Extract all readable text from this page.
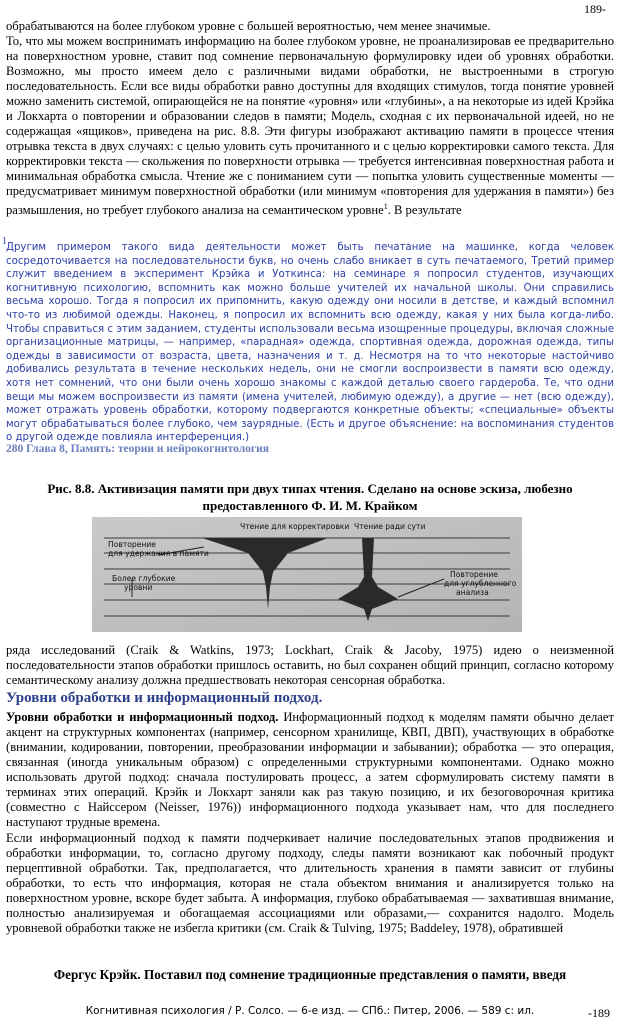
189-

обрабатываются на более глубоком уровне с большей вероятностью, чем менее значимые.

То, что мы можем воспринимать информацию на более глубоком уровне, не проанализировав ее предварительно на поверхностном уровне, ставит под сомнение первоначальную формулировку идеи об уровнях обработки. Возможно, мы просто имеем дело с различными видами обработки, не выстроенными в строгую последовательность. Если все виды обработки равно доступны для входящих стимулов, тогда понятие уровней можно заменить системой, опирающейся не на понятие «уровня» или «глубины», а на некоторые из идей Крэйка и Локхарта о повторении и образовании следов в памяти; Модель, сходная с их первоначальной идеей, но не содержащая «ящиков», приведена на рис. 8.8. Эти фигуры изображают активацию памяти в процессе чтения отрывка текста в двух случаях: с целью уловить суть прочитанного и с целью корректировки самого текста. Для корректировки текста — скольжения по поверхности отрывка — требуется интенсивная поверхностная работа и минимальная обработка смысла. Чтение же с пониманием сути — попытка уловить существенные моменты — предусматривает минимум поверхностной обработки (или минимум «повторения для удержания в памяти») без размышления, но требует глубокого анализа на семантическом уровне$^1$. В результате

1

Другим примером такого вида деятельности может быть печатание на машинке, когда человек сосредоточивается на последовательности букв, но очень слабо вникает в суть печатаемого, Третий пример служит введением в эксперимент Крэйка и Уоткинса: на семинаре я попросил студентов, изучающих когнитивную психологию, вспомнить как можно больше учителей их начальной школы. Они справились весьма хорошо. Тогда я попросил их припомнить, какую одежду они носили в детстве, и каждый вспомнил что-то из любимой одежды. Наконец, я попросил их вспомнить всю одежду, какая у них была когда-либо. Чтобы справиться с этим заданием, студенты использовали весьма изощренные процедуры, включая сложные организационные матрицы, — например, «парадная» одежда, спортивная одежда, дорожная одежда, типы одежды в зависимости от возраста, цвета, назначения и т. д. Несмотря на то что некоторые настойчиво добивались результата в течение нескольких недель, они не смогли воспроизвести в памяти всю одежду, хотя нет сомнений, что они были очень хорошо знакомы с каждой деталью своего гардероба. Те, что одни вещи мы можем воспроизвести из памяти (имена учителей, любимую одежду), а другие — нет (всю одежду), может отражать уровень обработки, которому подвергаются конкретные объекты; «специальные» объекты могут обрабатываться более глубоко, чем заурядные. (Есть и другое объяснение: на воспоминания студентов о другой одежде повлияла интерференция.)

280 Глава 8, Память: теории и нейрокогнитология
Рис. 8.8. Активизация памяти при двух типах чтения. Сделано на основе эскиза, любезно предоставленного Ф. И. М. Крайком
Чтение для корректировки Чтение ради сути
Повторение
для удержания в памяти
Более глубокие
уровни
Повторение
для углубленного
анализа

ряда исследований (Craik & Watkins, 1973; Lockhart, Craik & Jacoby, 1975) идею о неизменной последовательности этапов обработки пришлось оставить, но был сохранен общий принцип, согласно которому семантическому анализу должна предшествовать некоторая сенсорная обработка.

Уровни обработки и информационный подход.

Уровни обработки и информационный подход. Информационный подход к моделям памяти обычно делает акцент на структурных компонентах (например, сенсорном хранилище, КВП, ДВП), участвующих в обработке (внимании, кодировании, повторении, преобразовании информации и забывании); обработка — это операция, связанная (иногда уникальным образом) с определенными структурными компонентами. Однако можно использовать другой подход: сначала постулировать процесс, а затем сформулировать систему памяти в терминах этих операций. Крэйк и Локхарт заняли как раз такую позицию, и их безоговорочная критика (совместно с Найссером (Neisser, 1976)) информационного подхода указывает нам, что для последнего наступают трудные времена.

Если информационный подход к памяти подчеркивает наличие последовательных этапов продвижения и обработки информации, то, согласно другому подходу, следы памяти возникают как побочный продукт перцептивной обработки. Так, предполагается, что длительность хранения в памяти зависит от глубины обработки, то есть что информация, которая не стала объектом внимания и анализируется только на поверхностном уровне, вскоре будет забыта. А информация, глубоко обрабатываемая — захватившая внимание, полностью анализируемая и обогащаемая ассоциациями или образами,— сохранится надолго. Модель уровневой обработки также не избегла критики (см. Craik & Tulving, 1975; Baddeley, 1978), обратившей

Фергус Крэйк. Поставил под сомнение традиционные представления о памяти, введя
Когнитивная психология / Р. Солсо. — 6-е изд. — СПб.: Питер, 2006. — 589 с: ил.	-189
